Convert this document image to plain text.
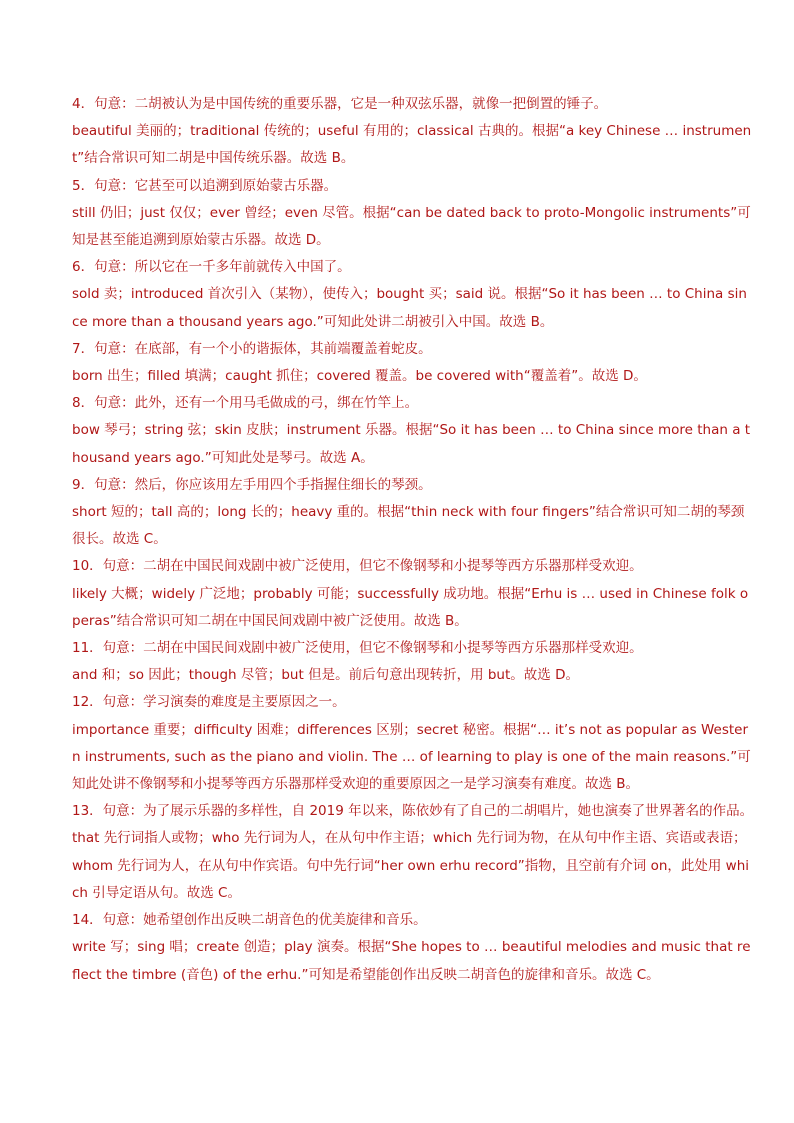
4．句意：二胡被认为是中国传统的重要乐器，它是一种双弦乐器，就像一把倒置的锤子。

beautiful 美丽的；traditional 传统的；useful 有用的；classical 古典的。根据“a key Chinese … instrument”结合常识可知二胡是中国传统乐器。故选 B。

5．句意：它甚至可以追溯到原始蒙古乐器。

still 仍旧；just 仅仅；ever 曾经；even 尽管。根据“can be dated back to proto-Mongolic instruments”可知是甚至能追溯到原始蒙古乐器。故选 D。

6．句意：所以它在一千多年前就传入中国了。

sold 卖；introduced 首次引入（某物），使传入；bought 买；said 说。根据“So it has been … to China since more than a thousand years ago.”可知此处讲二胡被引入中国。故选 B。

7．句意：在底部，有一个小的谐振体，其前端覆盖着蛇皮。

born 出生；filled 填满；caught 抓住；covered 覆盖。be covered with“覆盖着”。故选 D。

8．句意：此外，还有一个用马毛做成的弓，绑在竹竿上。

bow 琴弓；string 弦；skin 皮肤；instrument 乐器。根据“So it has been … to China since more than a thousand years ago.”可知此处是琴弓。故选 A。

9．句意：然后，你应该用左手用四个手指握住细长的琴颈。

short 短的；tall 高的；long 长的；heavy 重的。根据“thin neck with four fingers”结合常识可知二胡的琴颈很长。故选 C。

10．句意：二胡在中国民间戏剧中被广泛使用，但它不像钢琴和小提琴等西方乐器那样受欢迎。

likely 大概；widely 广泛地；probably 可能；successfully 成功地。根据“Erhu is … used in Chinese folk operas”结合常识可知二胡在中国民间戏剧中被广泛使用。故选 B。

11．句意：二胡在中国民间戏剧中被广泛使用，但它不像钢琴和小提琴等西方乐器那样受欢迎。

and 和；so 因此；though 尽管；but 但是。前后句意出现转折，用 but。故选 D。

12．句意：学习演奏的难度是主要原因之一。

importance 重要；difficulty 困难；differences 区别；secret 秘密。根据“… it’s not as popular as Western instruments, such as the piano and violin. The … of learning to play is one of the main reasons.”可知此处讲不像钢琴和小提琴等西方乐器那样受欢迎的重要原因之一是学习演奏有难度。故选 B。

13．句意：为了展示乐器的多样性，自 2019 年以来，陈依妙有了自己的二胡唱片，她也演奏了世界著名的作品。

that 先行词指人或物；who 先行词为人，在从句中作主语；which 先行词为物，在从句中作主语、宾语或表语；whom 先行词为人，在从句中作宾语。句中先行词“her own erhu record”指物，且空前有介词 on，此处用 which 引导定语从句。故选 C。

14．句意：她希望创作出反映二胡音色的优美旋律和音乐。

write 写；sing 唱；create 创造；play 演奏。根据“She hopes to … beautiful melodies and music that reflect the timbre (音色) of the erhu.”可知是希望能创作出反映二胡音色的旋律和音乐。故选 C。
